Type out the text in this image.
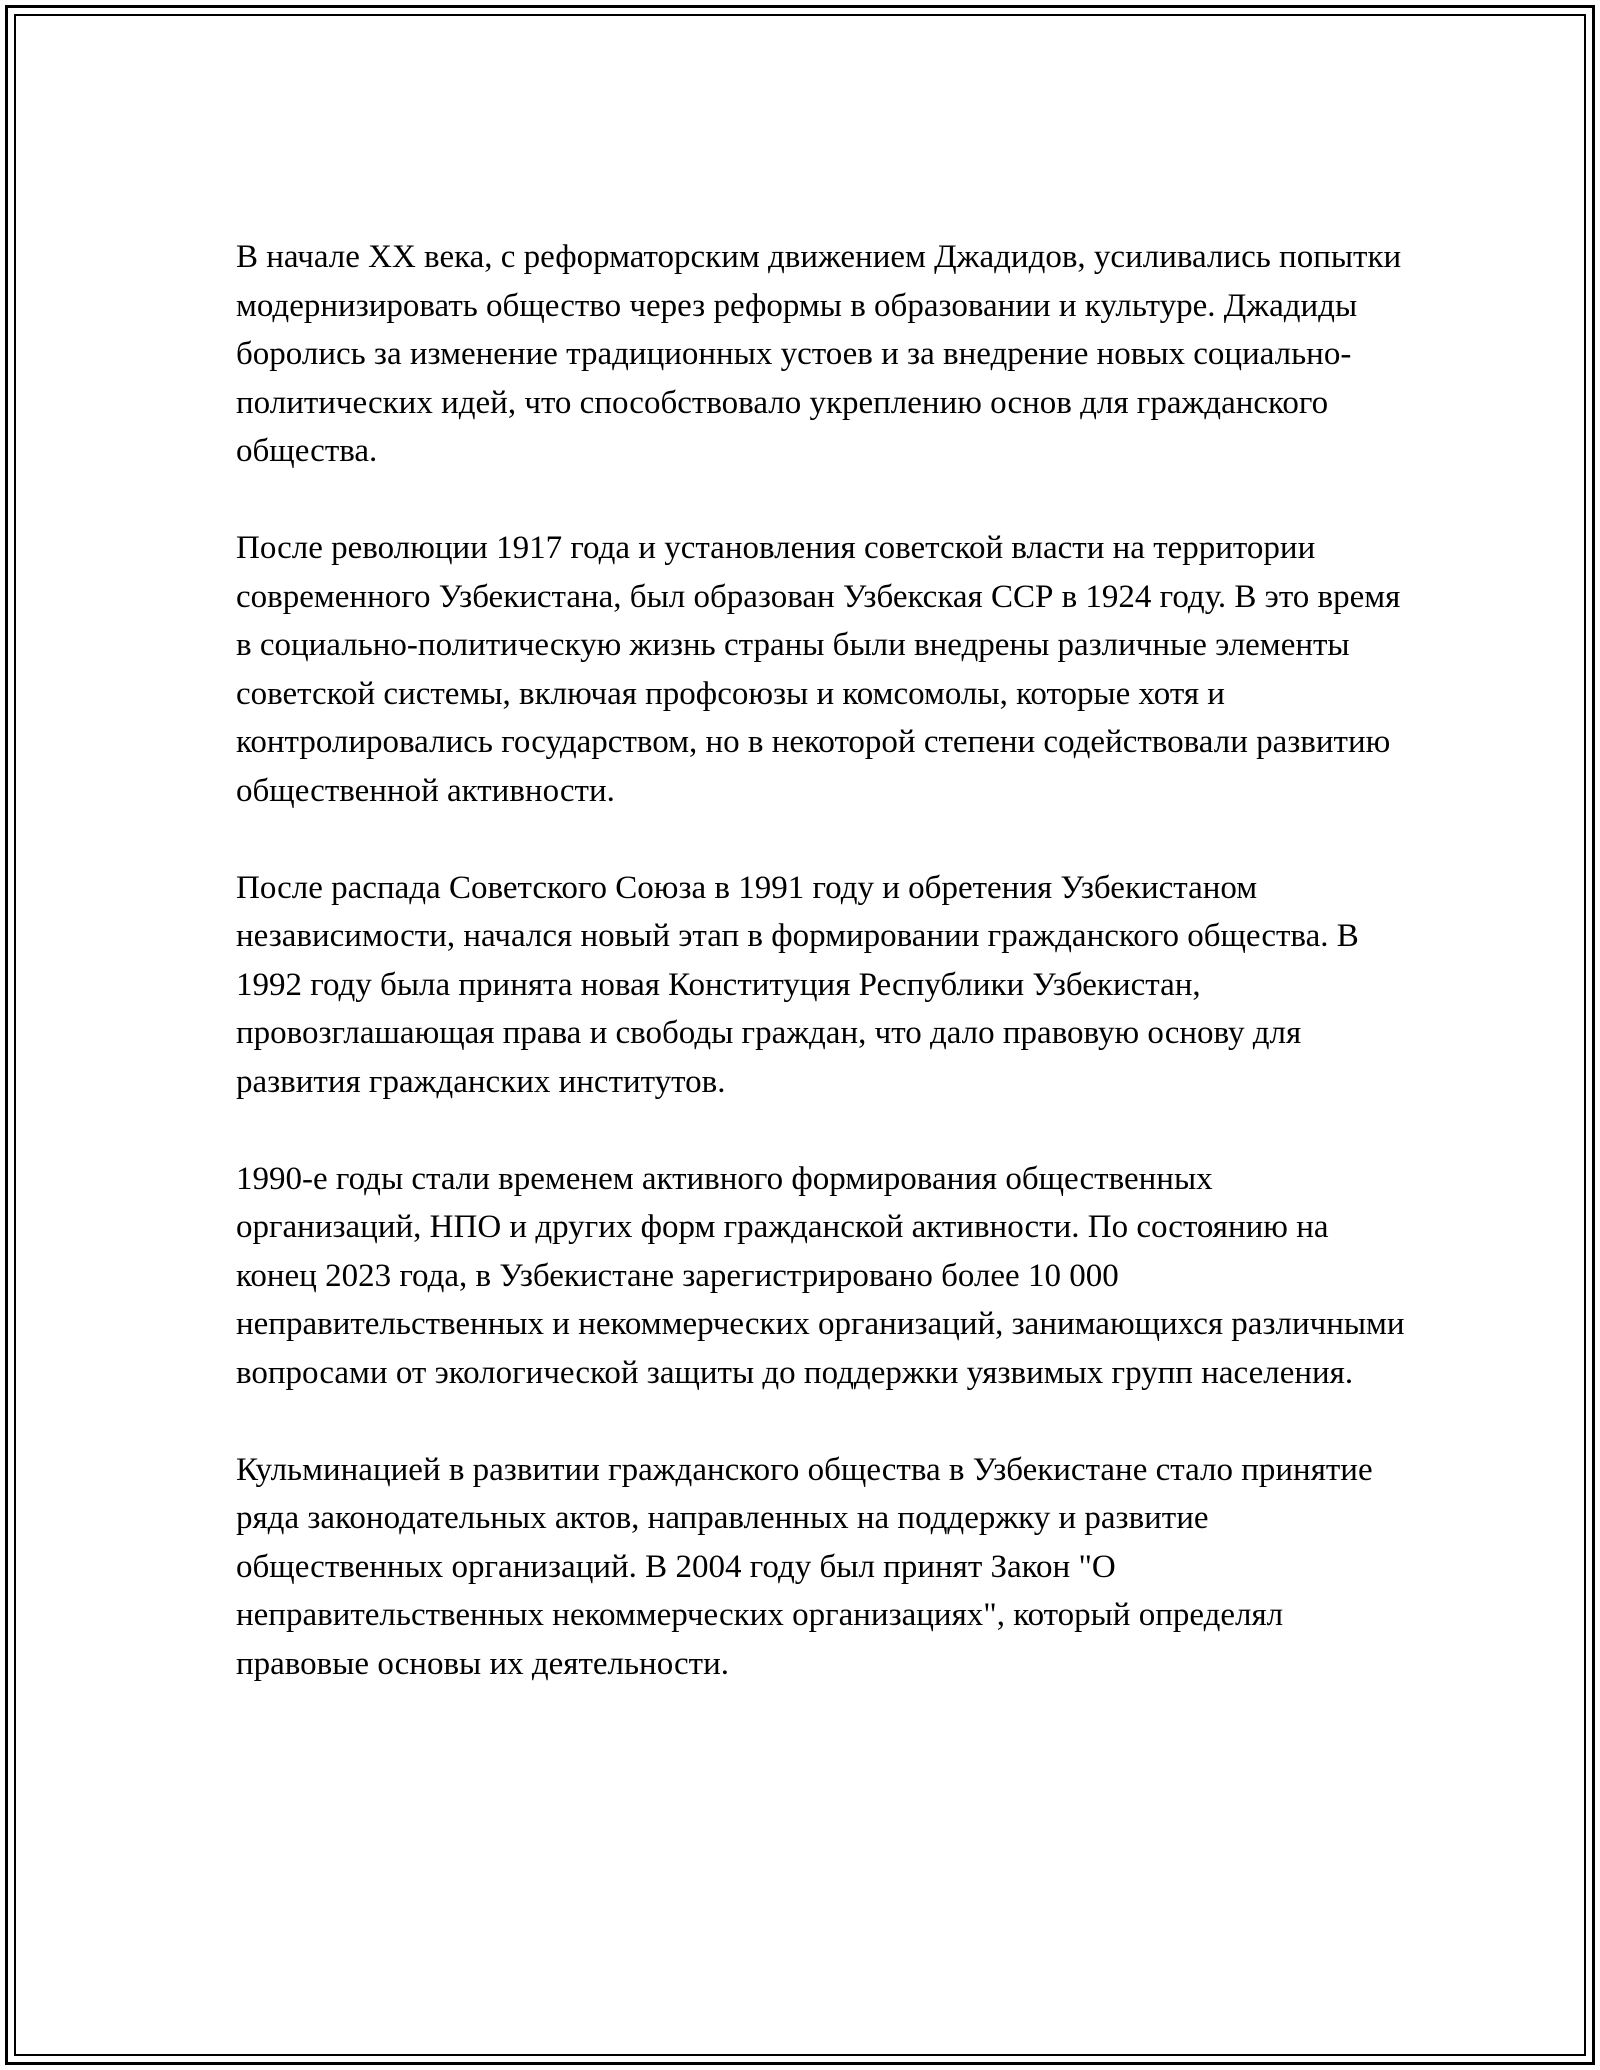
В начале XX века, с реформаторским движением Джадидов, усиливались попытки модернизировать общество через реформы в образовании и культуре. Джадиды боролись за изменение традиционных устоев и за внедрение новых социально-политических идей, что способствовало укреплению основ для гражданского общества.

После революции 1917 года и установления советской власти на территории современного Узбекистана, был образован Узбекская ССР в 1924 году. В это время в социально-политическую жизнь страны были внедрены различные элементы советской системы, включая профсоюзы и комсомолы, которые хотя и контролировались государством, но в некоторой степени содействовали развитию общественной активности.

После распада Советского Союза в 1991 году и обретения Узбекистаном независимости, начался новый этап в формировании гражданского общества. В 1992 году была принята новая Конституция Республики Узбекистан, провозглашающая права и свободы граждан, что дало правовую основу для развития гражданских институтов.

1990-е годы стали временем активного формирования общественных организаций, НПО и других форм гражданской активности. По состоянию на конец 2023 года, в Узбекистане зарегистрировано более 10 000 неправительственных и некоммерческих организаций, занимающихся различными вопросами от экологической защиты до поддержки уязвимых групп населения.

Кульминацией в развитии гражданского общества в Узбекистане стало принятие ряда законодательных актов, направленных на поддержку и развитие общественных организаций. В 2004 году был принят Закон "О неправительственных некоммерческих организациях", который определял правовые основы их деятельности.
